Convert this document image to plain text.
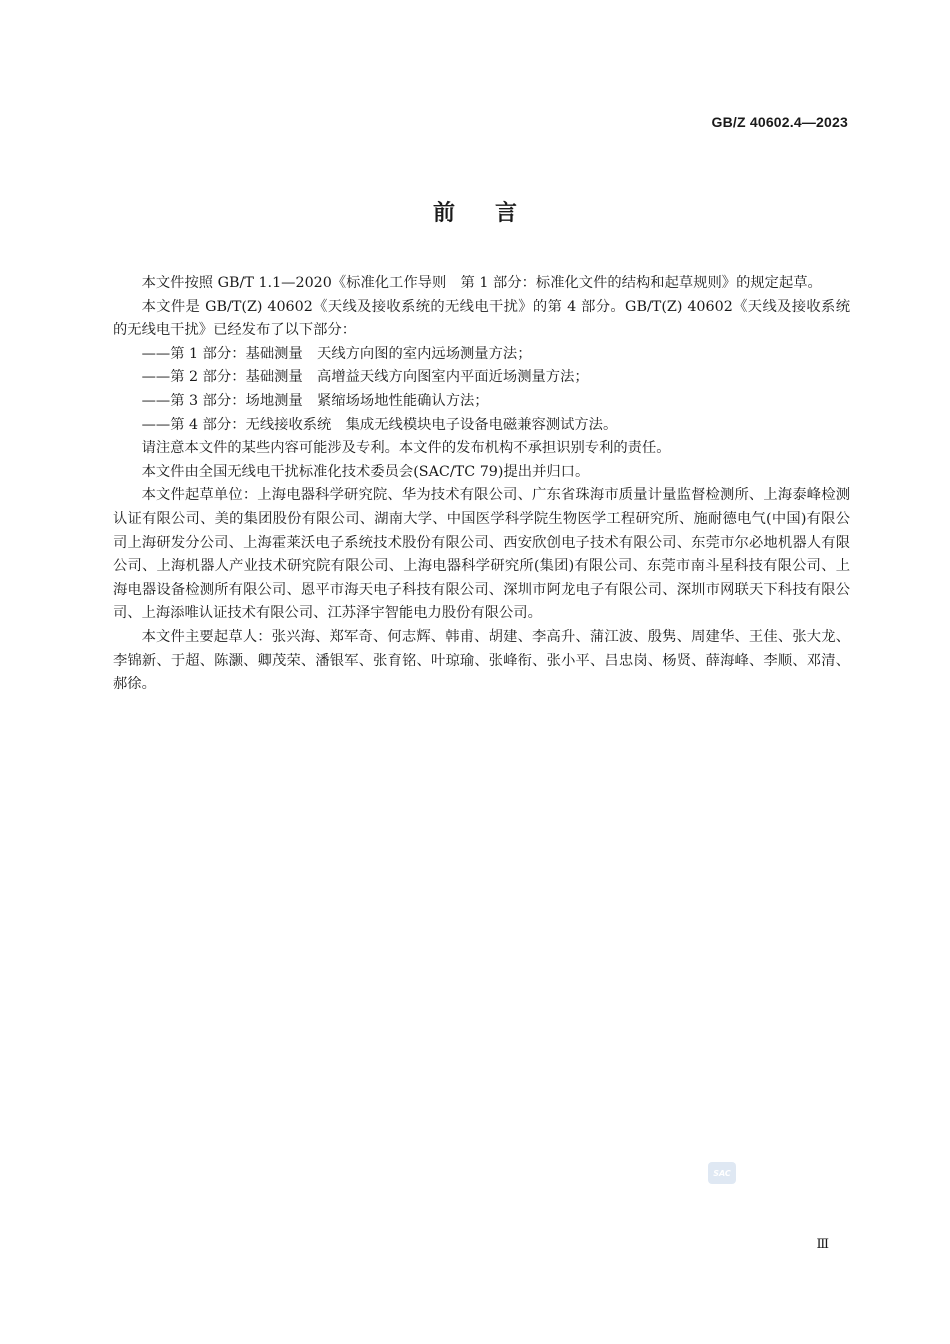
GB/Z 40602.4—2023
前言

本文件按照 GB/T 1.1—2020《标准化工作导则　第 1 部分：标准化文件的结构和起草规则》的规定起草。

本文件是 GB/T(Z) 40602《天线及接收系统的无线电干扰》的第 4 部分。GB/T(Z) 40602《天线及接收系统的无线电干扰》已经发布了以下部分：

——第 1 部分：基础测量　天线方向图的室内远场测量方法；

——第 2 部分：基础测量　高增益天线方向图室内平面近场测量方法；

——第 3 部分：场地测量　紧缩场场地性能确认方法；

——第 4 部分：无线接收系统　集成无线模块电子设备电磁兼容测试方法。

请注意本文件的某些内容可能涉及专利。本文件的发布机构不承担识别专利的责任。

本文件由全国无线电干扰标准化技术委员会(SAC/TC 79)提出并归口。

本文件起草单位：上海电器科学研究院、华为技术有限公司、广东省珠海市质量计量监督检测所、上海泰峰检测认证有限公司、美的集团股份有限公司、湖南大学、中国医学科学院生物医学工程研究所、施耐德电气(中国)有限公司上海研发分公司、上海霍莱沃电子系统技术股份有限公司、西安欣创电子技术有限公司、东莞市尔必地机器人有限公司、上海机器人产业技术研究院有限公司、上海电器科学研究所(集团)有限公司、东莞市南斗星科技有限公司、上海电器设备检测所有限公司、恩平市海天电子科技有限公司、深圳市阿龙电子有限公司、深圳市网联天下科技有限公司、上海添唯认证技术有限公司、江苏泽宇智能电力股份有限公司。

本文件主要起草人：张兴海、郑军奇、何志辉、韩甫、胡建、李高升、蒲江波、殷隽、周建华、王佳、张大龙、李锦新、于超、陈灏、卿茂荣、潘银军、张育铭、叶琼瑜、张峰衔、张小平、吕忠岗、杨贤、薛海峰、李顺、邓清、郝徐。

SAC
Ⅲ
